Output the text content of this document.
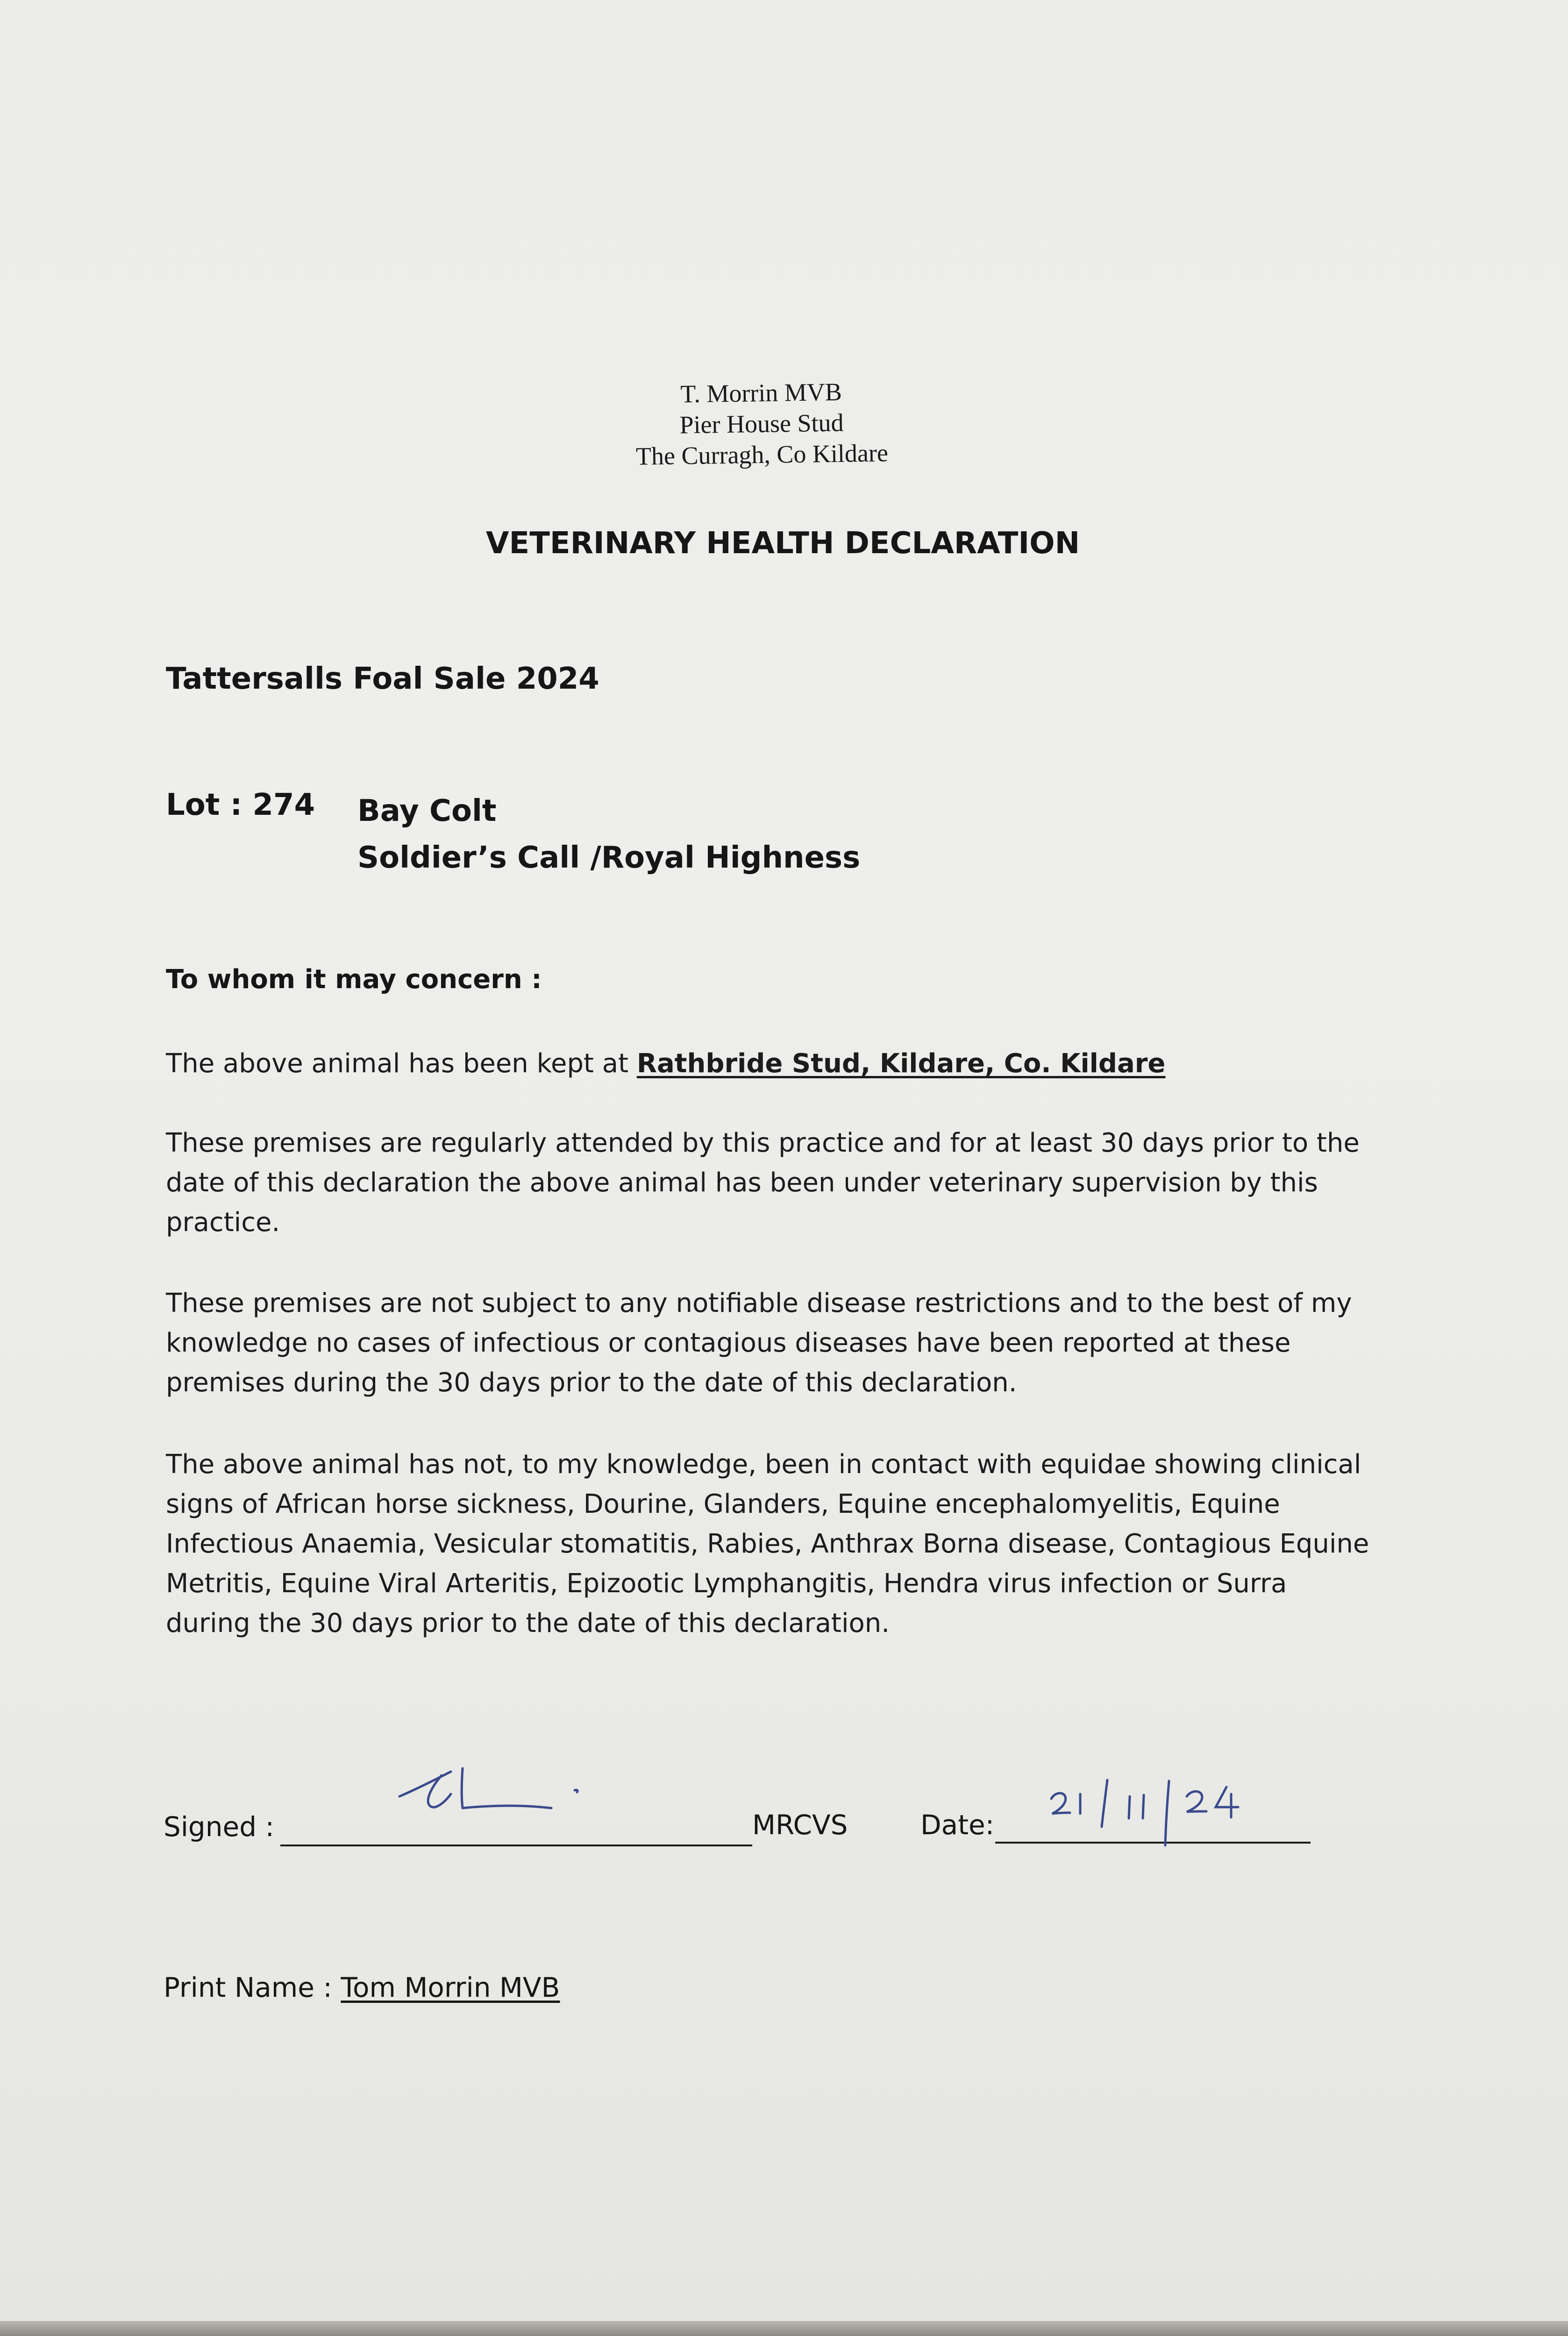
T. Morrin MVB
Pier House Stud
The Curragh, Co Kildare
VETERINARY HEALTH DECLARATION
Tattersalls Foal Sale 2024
Lot : 274 Bay Colt
Soldier’s Call /Royal Highness
To whom it may concern :
The above animal has been kept at Rathbride Stud, Kildare, Co. Kildare
These premises are regularly attended by this practice and for at least 30 days prior to the
date of this declaration the above animal has been under veterinary supervision by this
practice.
These premises are not subject to any notifiable disease restrictions and to the best of my
knowledge no cases of infectious or contagious diseases have been reported at these
premises during the 30 days prior to the date of this declaration.
The above animal has not, to my knowledge, been in contact with equidae showing clinical
signs of African horse sickness, Dourine, Glanders, Equine encephalomyelitis, Equine
Infectious Anaemia, Vesicular stomatitis, Rabies, Anthrax Borna disease, Contagious Equine
Metritis, Equine Viral Arteritis, Epizootic Lymphangitis, Hendra virus infection or Surra
during the 30 days prior to the date of this declaration.
Signed :	MRCVS	Date:
Print Name : Tom Morrin MVB
